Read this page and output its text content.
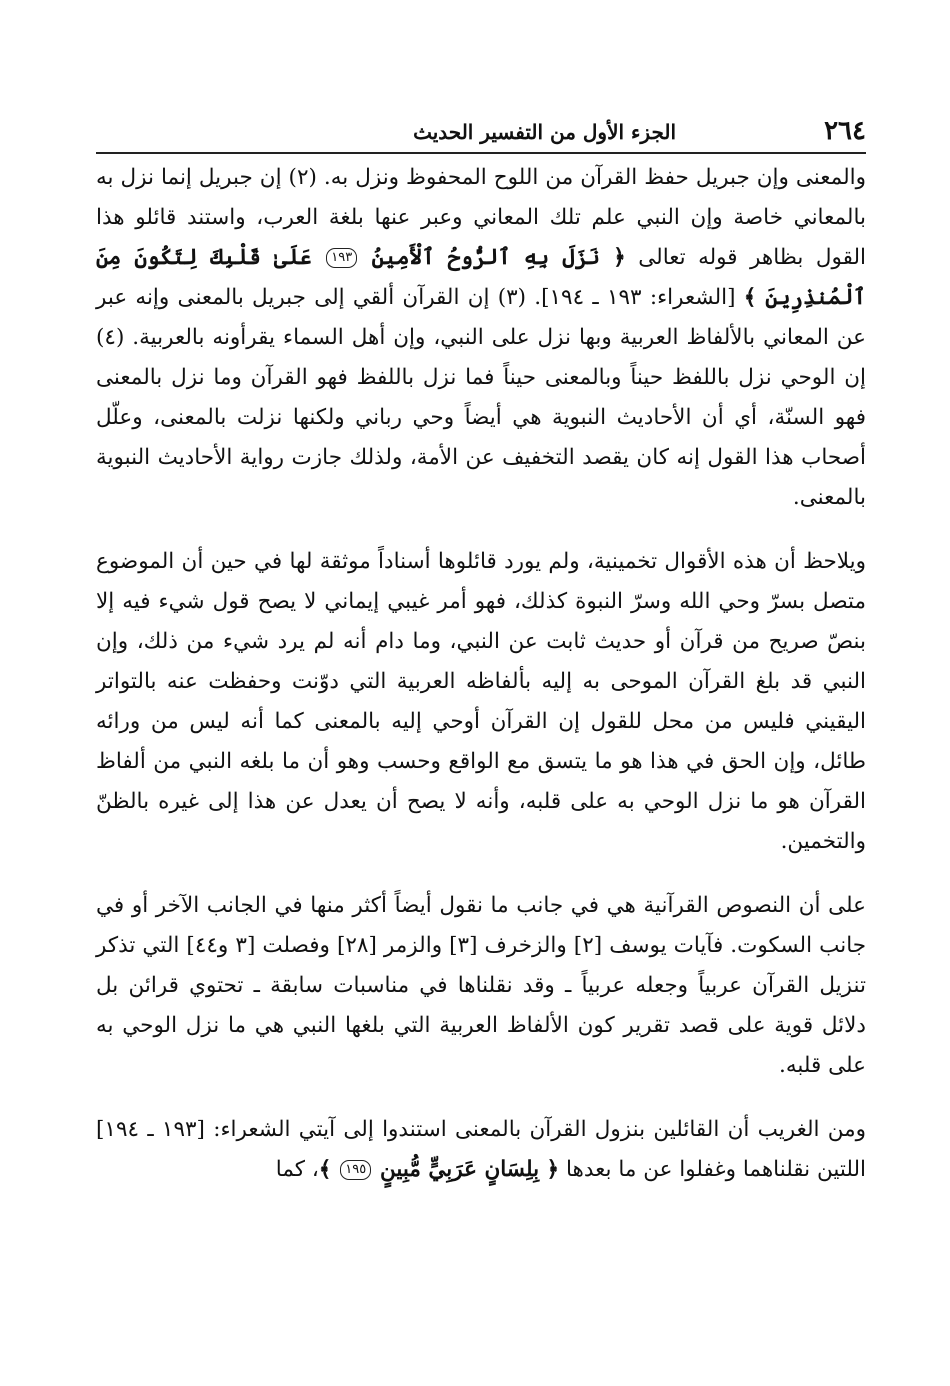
٢٦٤
الجزء الأول من التفسير الحديث

والمعنى وإن جبريل حفظ القرآن من اللوح المحفوظ ونزل به. (٢) إن جبريل إنما نزل به بالمعاني خاصة وإن النبي علم تلك المعاني وعبر عنها بلغة العرب، واستند قائلو هذا القول بظاهر قوله تعالى ﴿ نَزَلَ بِهِ ٱلرُّوحُ ٱلْأَمِينُ ١٩٣ عَلَىٰ قَلْبِكَ لِتَكُونَ مِنَ ٱلْمُنذِرِينَ ﴾ [الشعراء: ١٩٣ ـ ١٩٤]. (٣) إن القرآن ألقي إلى جبريل بالمعنى وإنه عبر عن المعاني بالألفاظ العربية وبها نزل على النبي، وإن أهل السماء يقرأونه بالعربية. (٤) إن الوحي نزل باللفظ حيناً وبالمعنى حيناً فما نزل باللفظ فهو القرآن وما نزل بالمعنى فهو السنّة، أي أن الأحاديث النبوية هي أيضاً وحي رباني ولكنها نزلت بالمعنى، وعلّل أصحاب هذا القول إنه كان يقصد التخفيف عن الأمة، ولذلك جازت رواية الأحاديث النبوية بالمعنى.

ويلاحظ أن هذه الأقوال تخمينية، ولم يورد قائلوها أسناداً موثقة لها في حين أن الموضوع متصل بسرّ وحي الله وسرّ النبوة كذلك، فهو أمر غيبي إيماني لا يصح قول شيء فيه إلا بنصّ صريح من قرآن أو حديث ثابت عن النبي، وما دام أنه لم يرد شيء من ذلك، وإن النبي قد بلغ القرآن الموحى به إليه بألفاظه العربية التي دوّنت وحفظت عنه بالتواتر اليقيني فليس من محل للقول إن القرآن أوحي إليه بالمعنى كما أنه ليس من ورائه طائل، وإن الحق في هذا هو ما يتسق مع الواقع وحسب وهو أن ما بلغه النبي من ألفاظ القرآن هو ما نزل الوحي به على قلبه، وأنه لا يصح أن يعدل عن هذا إلى غيره بالظنّ والتخمين.

على أن النصوص القرآنية هي في جانب ما نقول أيضاً أكثر منها في الجانب الآخر أو في جانب السكوت. فآيات يوسف [٢] والزخرف [٣] والزمر [٢٨] وفصلت [٣ و٤٤] التي تذكر تنزيل القرآن عربياً وجعله عربياً ـ وقد نقلناها في مناسبات سابقة ـ تحتوي قرائن بل دلائل قوية على قصد تقرير كون الألفاظ العربية التي بلغها النبي هي ما نزل الوحي به على قلبه.

ومن الغريب أن القائلين بنزول القرآن بالمعنى استندوا إلى آيتي الشعراء: [١٩٣ ـ ١٩٤] اللتين نقلناهما وغفلوا عن ما بعدها ﴿ بِلِسَانٍ عَرَبِيٍّ مُّبِينٍ ١٩٥ ﴾، كما
